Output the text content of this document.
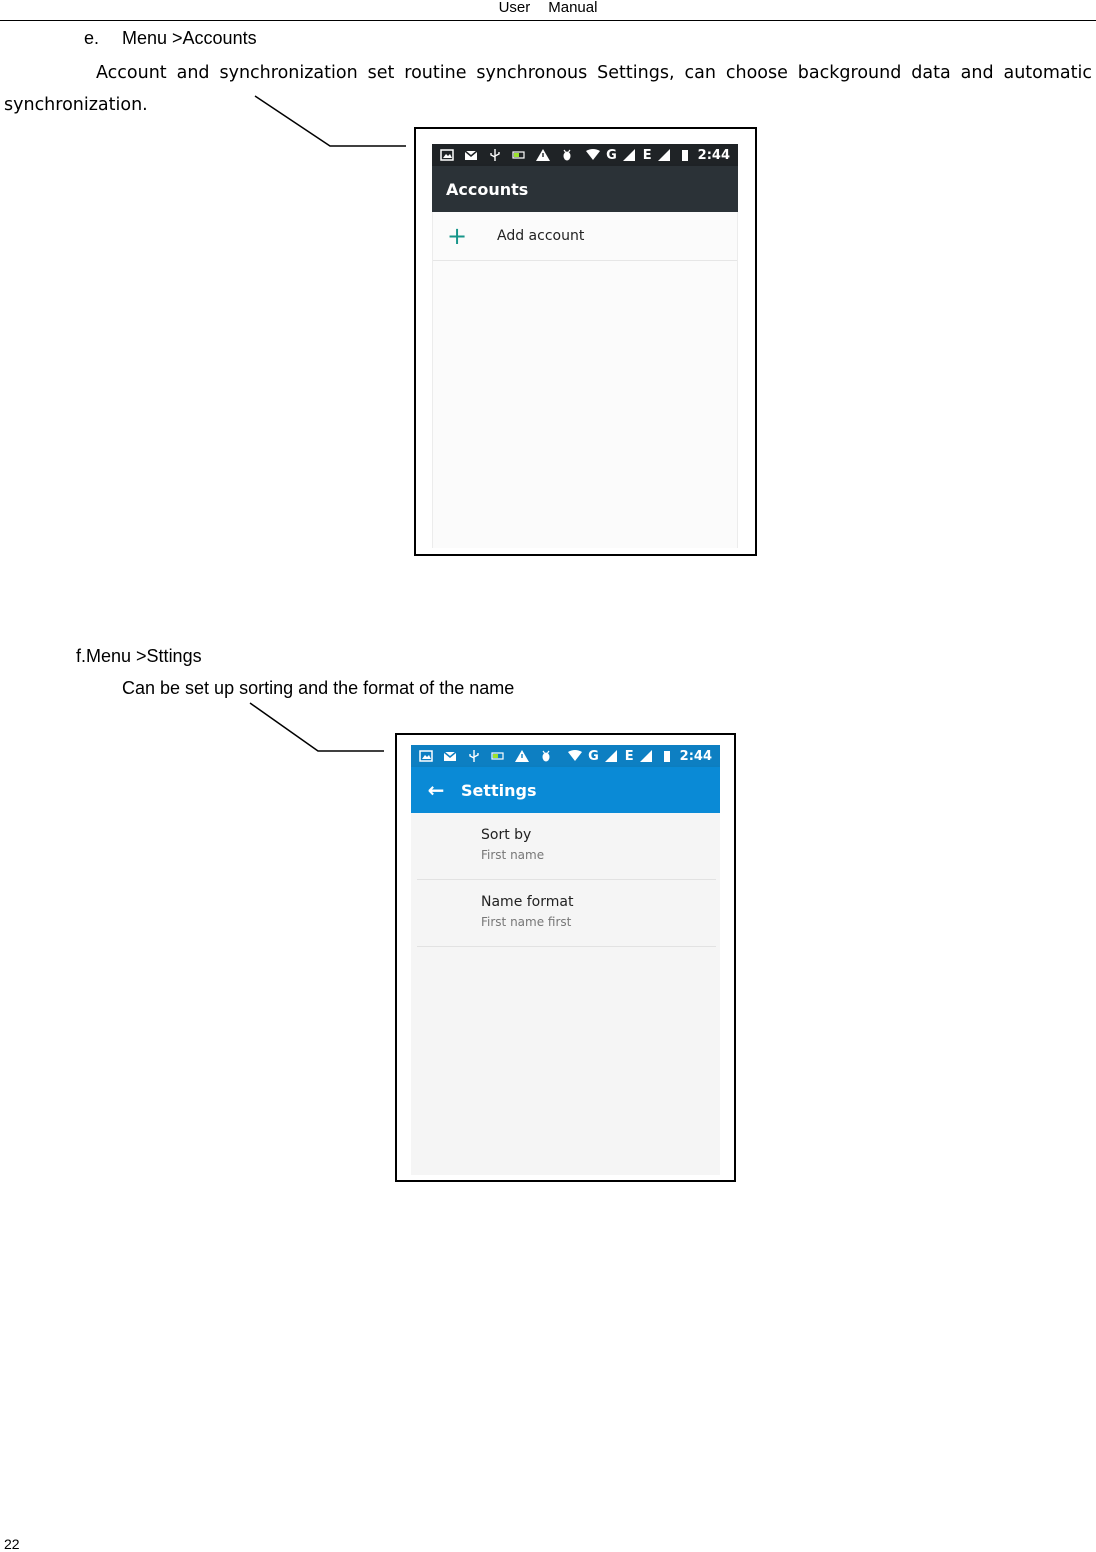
User Manual
e. Menu >Accounts
Account and synchronization set routine synchronous Settings, can choose background data and automatic synchronization.
G E	2:44
Accounts
+	Add account
f.Menu >Sttings
Can be set up sorting and the format of the name
G E	2:44
←	Settings
Sort by
First name
Name format
First name first
22
